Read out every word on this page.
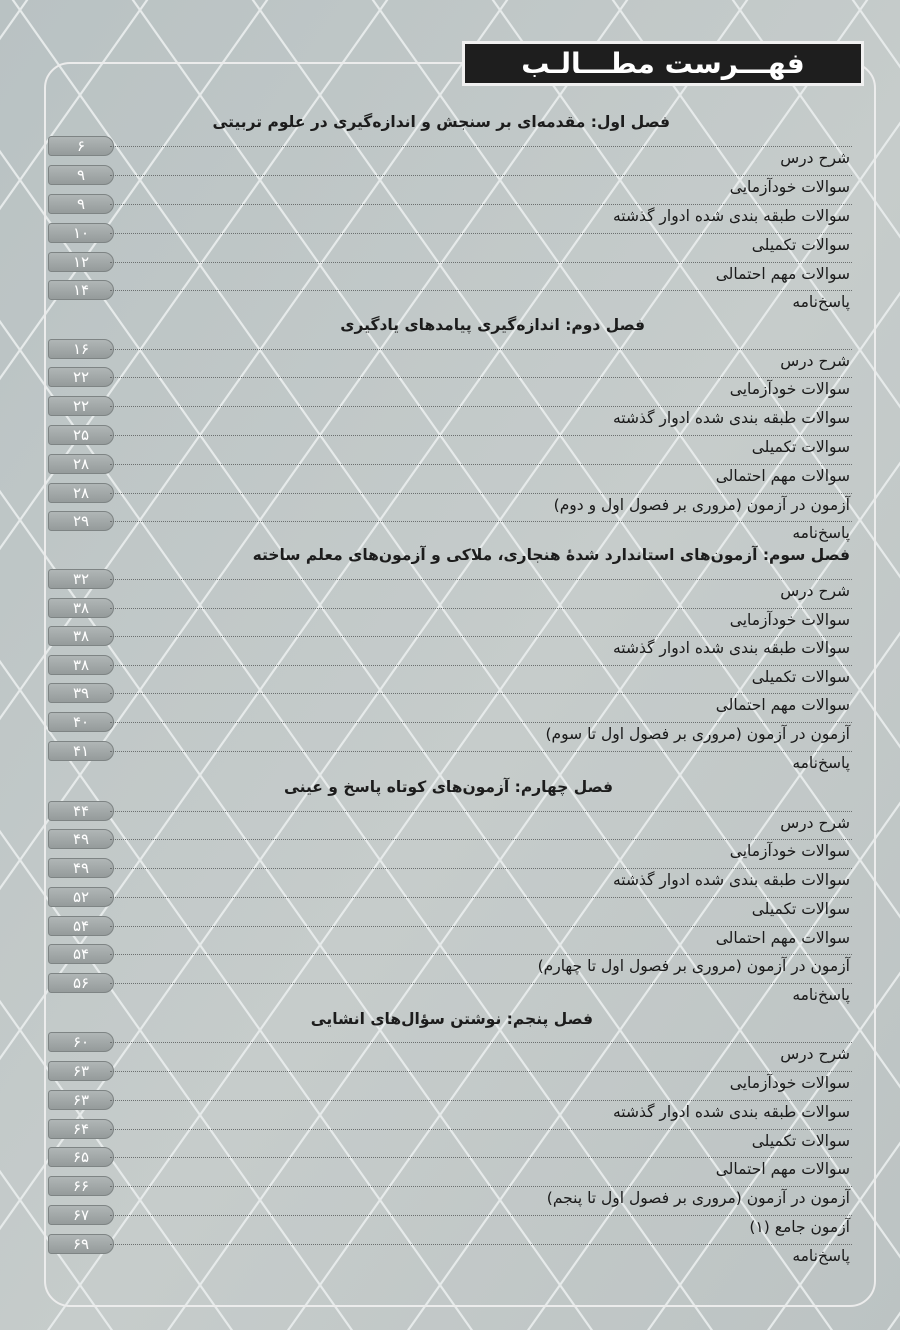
فهـــرست مطـــالـب
فصل اول: مقدمه‌ای بر سنجش و اندازه‌گیری در علوم تربیتی
۶
شرح درس
۹
سوالات خودآزمایی
۹
سوالات طبقه بندی شده ادوار گذشته
۱۰
سوالات تکمیلی
۱۲
سوالات مهم احتمالی
۱۴
پاسخ‌نامه
فصل دوم: اندازه‌گیری پیامدهای یادگیری
۱۶
شرح درس
۲۲
سوالات خودآزمایی
۲۲
سوالات طبقه بندی شده ادوار گذشته
۲۵
سوالات تکمیلی
۲۸
سوالات مهم احتمالی
۲۸
آزمون در آزمون (مروری بر فصول اول و دوم)
۲۹
پاسخ‌نامه
فصل سوم: آزمون‌های استاندارد شدهٔ هنجاری، ملاکی و آزمون‌های معلم ساخته
۳۲
شرح درس
۳۸
سوالات خودآزمایی
۳۸
سوالات طبقه بندی شده ادوار گذشته
۳۸
سوالات تکمیلی
۳۹
سوالات مهم احتمالی
۴۰
آزمون در آزمون (مروری بر فصول اول تا سوم)
۴۱
پاسخ‌نامه
فصل چهارم: آزمون‌های کوتاه پاسخ و عینی
۴۴
شرح درس
۴۹
سوالات خودآزمایی
۴۹
سوالات طبقه بندی شده ادوار گذشته
۵۲
سوالات تکمیلی
۵۴
سوالات مهم احتمالی
۵۴
آزمون در آزمون (مروری بر فصول اول تا چهارم)
۵۶
پاسخ‌نامه
فصل پنجم: نوشتن سؤال‌های انشایی
۶۰
شرح درس
۶۳
سوالات خودآزمایی
۶۳
سوالات طبقه بندی شده ادوار گذشته
۶۴
سوالات تکمیلی
۶۵
سوالات مهم احتمالی
۶۶
آزمون در آزمون (مروری بر فصول اول تا پنجم)
۶۷
آزمون جامع (۱)
۶۹
پاسخ‌نامه
